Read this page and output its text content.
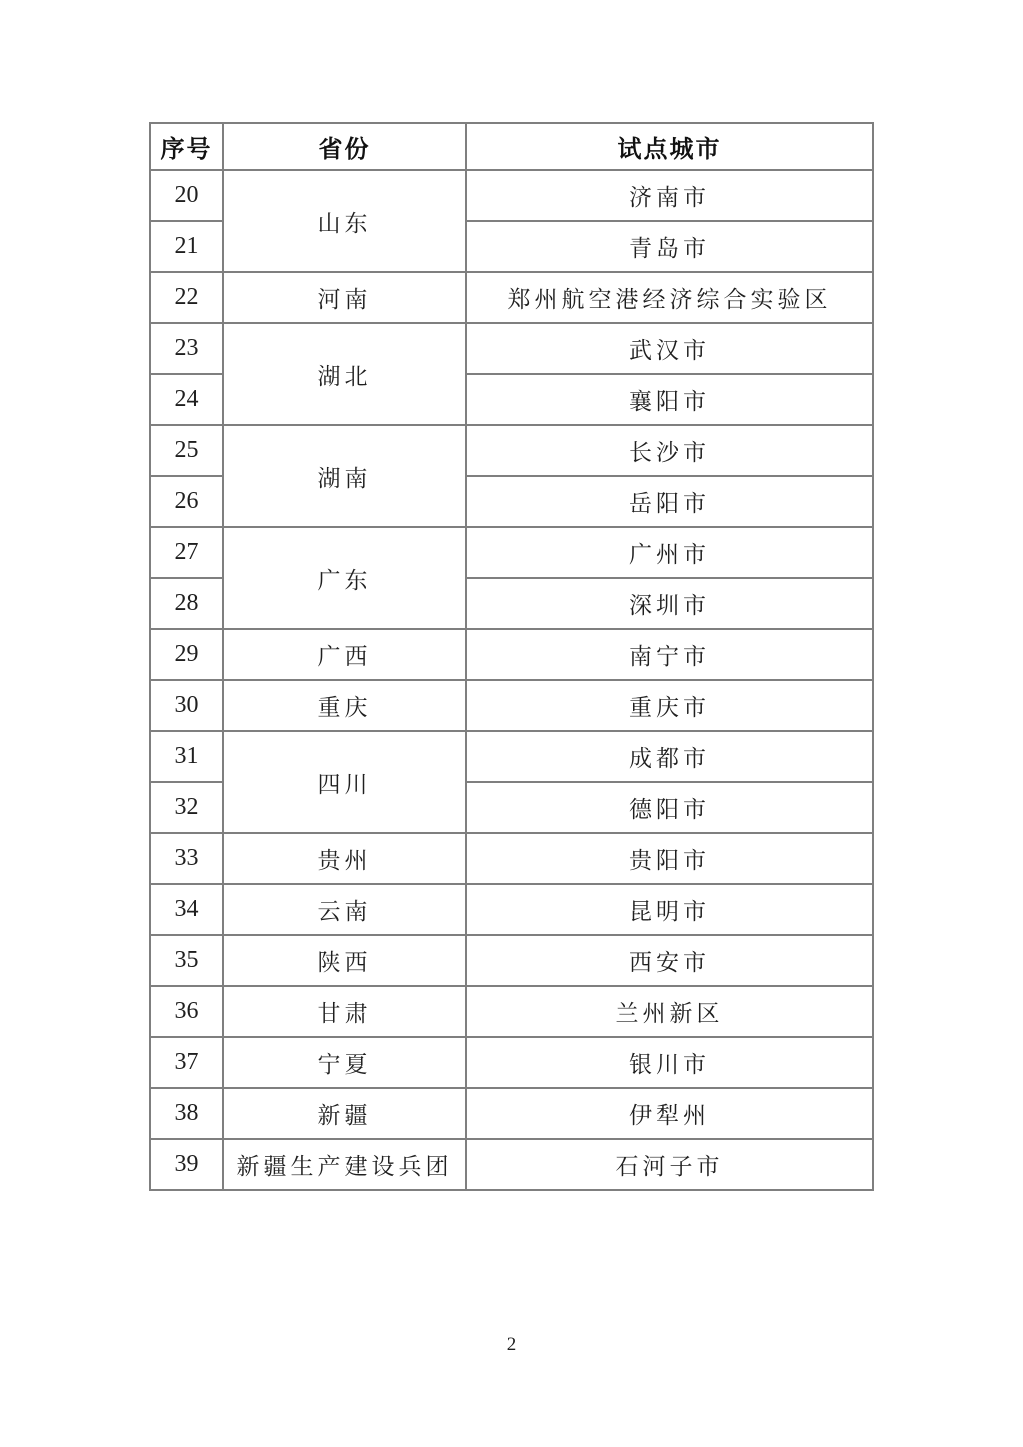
序号	省份	试点城市
20	山东	济南市
21		青岛市
22	河南	郑州航空港经济综合实验区
23	湖北	武汉市
24		襄阳市
25	湖南	长沙市
26		岳阳市
27	广东	广州市
28		深圳市
29	广西	南宁市
30	重庆	重庆市
31	四川	成都市
32		德阳市
33	贵州	贵阳市
34	云南	昆明市
35	陕西	西安市
36	甘肃	兰州新区
37	宁夏	银川市
38	新疆	伊犁州
39	新疆生产建设兵团	石河子市
2
